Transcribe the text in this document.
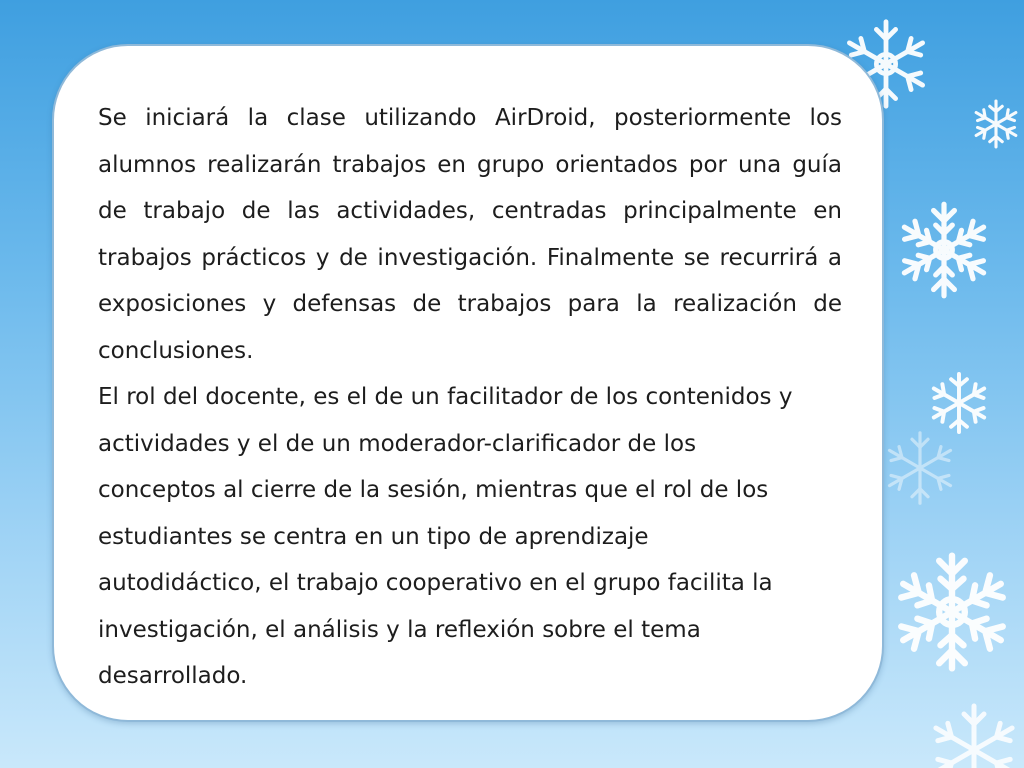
Se iniciará la clase utilizando AirDroid, posteriormente los alumnos realizarán trabajos en grupo orientados por una guía de trabajo de las actividades, centradas principalmente en trabajos prácticos y de investigación. Finalmente se recurrirá a exposiciones y defensas de trabajos para la realización de conclusiones.

El rol del docente, es el de un facilitador de los contenidos y actividades y el de un moderador-clarificador de los conceptos al cierre de la sesión, mientras que el rol de los estudiantes se centra en un tipo de aprendizaje autodidáctico, el trabajo cooperativo en el grupo facilita la investigación, el análisis y la reflexión sobre el tema desarrollado.
